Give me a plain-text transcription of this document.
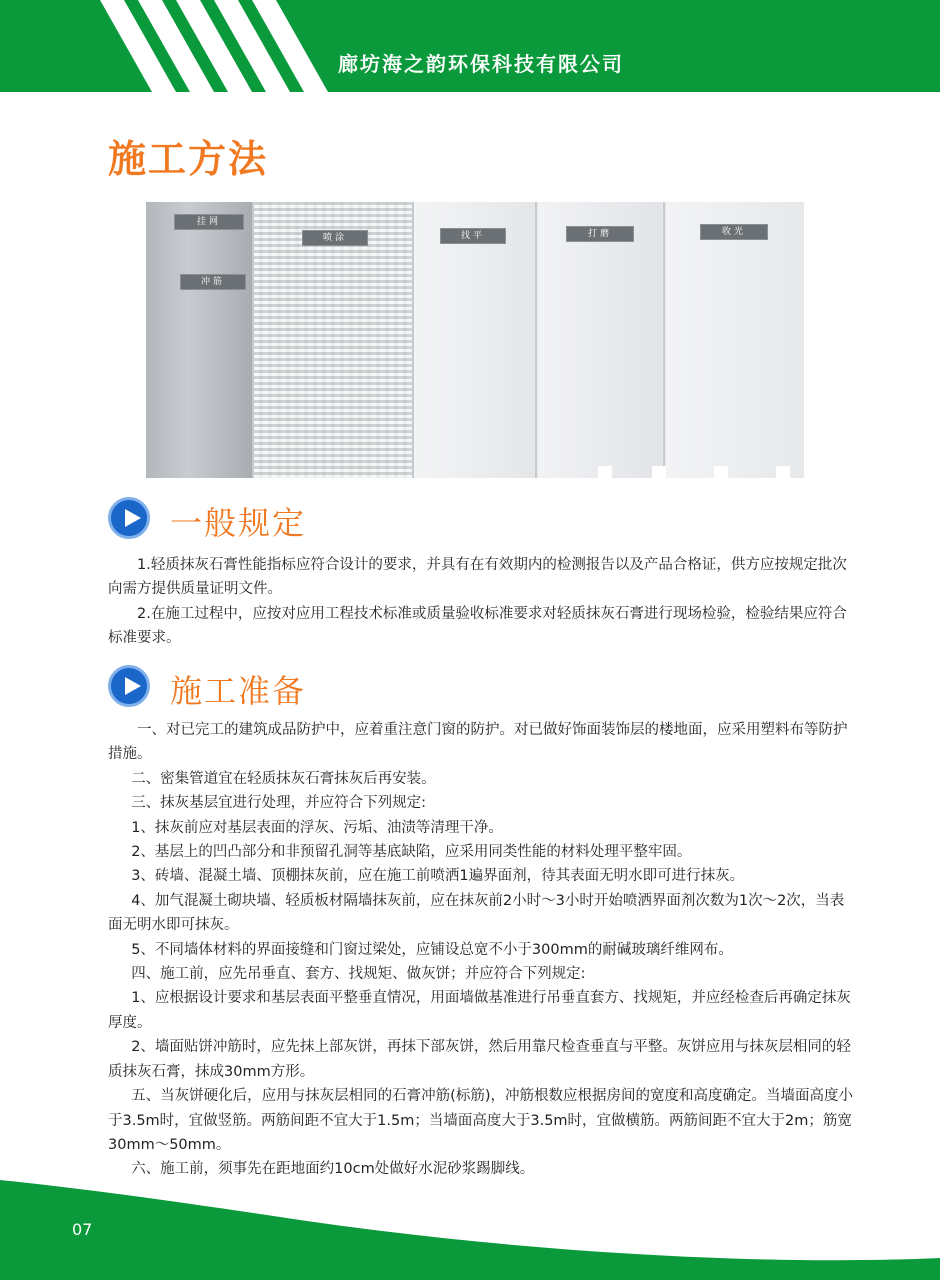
廊坊海之韵环保科技有限公司
施工方法
挂网
冲筋
喷涂	找平	打磨	收光
一般规定

1.轻质抹灰石膏性能指标应符合设计的要求，并具有在有效期内的检测报告以及产品合格证，供方应按规定批次向需方提供质量证明文件。

2.在施工过程中，应按对应用工程技术标准或质量验收标准要求对轻质抹灰石膏进行现场检验，检验结果应符合标准要求。

施工准备

一、对已完工的建筑成品防护中，应着重注意门窗的防护。对已做好饰面装饰层的楼地面，应采用塑料布等防护措施。

二、密集管道宜在轻质抹灰石膏抹灰后再安装。

三、抹灰基层宜进行处理，并应符合下列规定:

1、抹灰前应对基层表面的浮灰、污垢、油渍等清理干净。

2、基层上的凹凸部分和非预留孔洞等基底缺陷，应采用同类性能的材料处理平整牢固。

3、砖墙、混凝土墙、顶棚抹灰前，应在施工前喷洒1遍界面剂，待其表面无明水即可进行抹灰。

4、加气混凝土砌块墙、轻质板材隔墙抹灰前，应在抹灰前2小时～3小时开始喷洒界面剂次数为1次～2次，当表面无明水即可抹灰。

5、不同墙体材料的界面接缝和门窗过梁处，应铺设总宽不小于300mm的耐碱玻璃纤维网布。

四、施工前，应先吊垂直、套方、找规矩、做灰饼；并应符合下列规定:

1、应根据设计要求和基层表面平整垂直情况，用面墙做基准进行吊垂直套方、找规矩，并应经检查后再确定抹灰厚度。

2、墙面贴饼冲筋时，应先抹上部灰饼，再抹下部灰饼，然后用靠尺检查垂直与平整。灰饼应用与抹灰层相同的轻质抹灰石膏，抹成30mm方形。

五、当灰饼硬化后，应用与抹灰层相同的石膏冲筋(标筋)，冲筋根数应根据房间的宽度和高度确定。当墙面高度小于3.5m时，宜做竖筋。两筋间距不宜大于1.5m；当墙面高度大于3.5m时，宜做横筋。两筋间距不宜大于2m；筋宽30mm～50mm。

六、施工前，须事先在距地面约10cm处做好水泥砂浆踢脚线。

07
